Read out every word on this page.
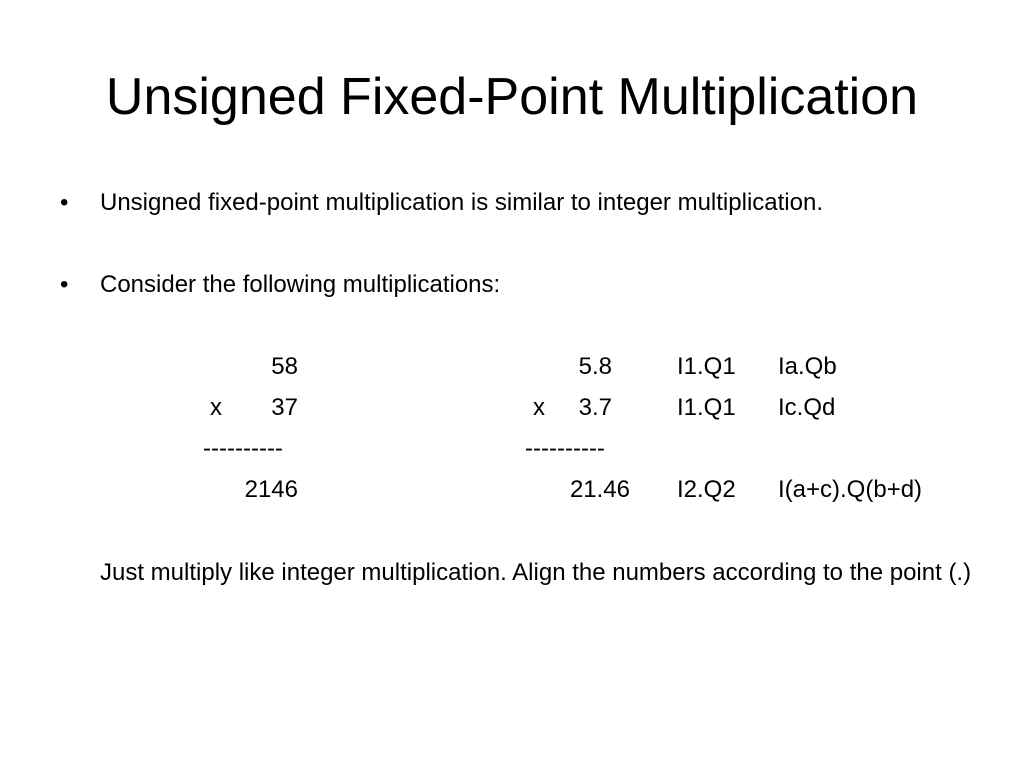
Unsigned Fixed-Point Multiplication
• Unsigned fixed-point multiplication is similar to integer multiplication.
• Consider the following multiplications:
58
x	37
----------
2146
5.8
x	3.7
----------
21.46
I1.Q1 Ia.Qb
I1.Q1 Ic.Qd
I2.Q2 I(a+c).Q(b+d)
Just multiply like integer multiplication. Align the numbers according to the point (.)
